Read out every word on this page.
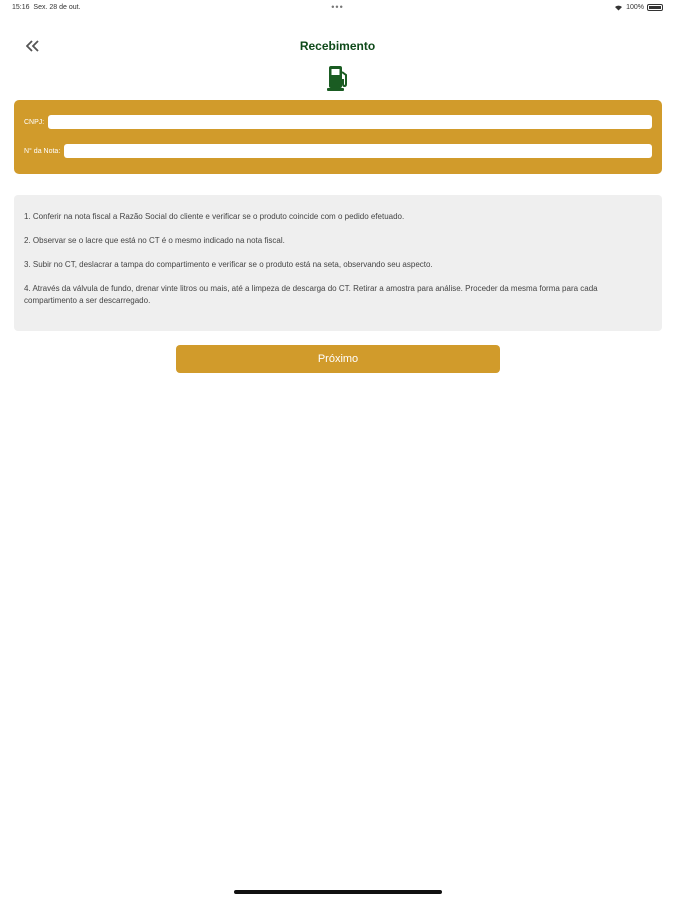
15:16 Sex. 28 de out.	•••	100%
Recebimento
CNPJ:
N° da Nota:

1. Conferir na nota fiscal a Razão Social do cliente e verificar se o produto coincide com o pedido efetuado.

2. Observar se o lacre que está no CT é o mesmo indicado na nota fiscal.

3. Subir no CT, deslacrar a tampa do compartimento e verificar se o produto está na seta, observando seu aspecto.

4. Através da válvula de fundo, drenar vinte litros ou mais, até a limpeza de descarga do CT. Retirar a amostra para análise. Proceder da mesma forma para cada compartimento a ser descarregado.

Próximo
